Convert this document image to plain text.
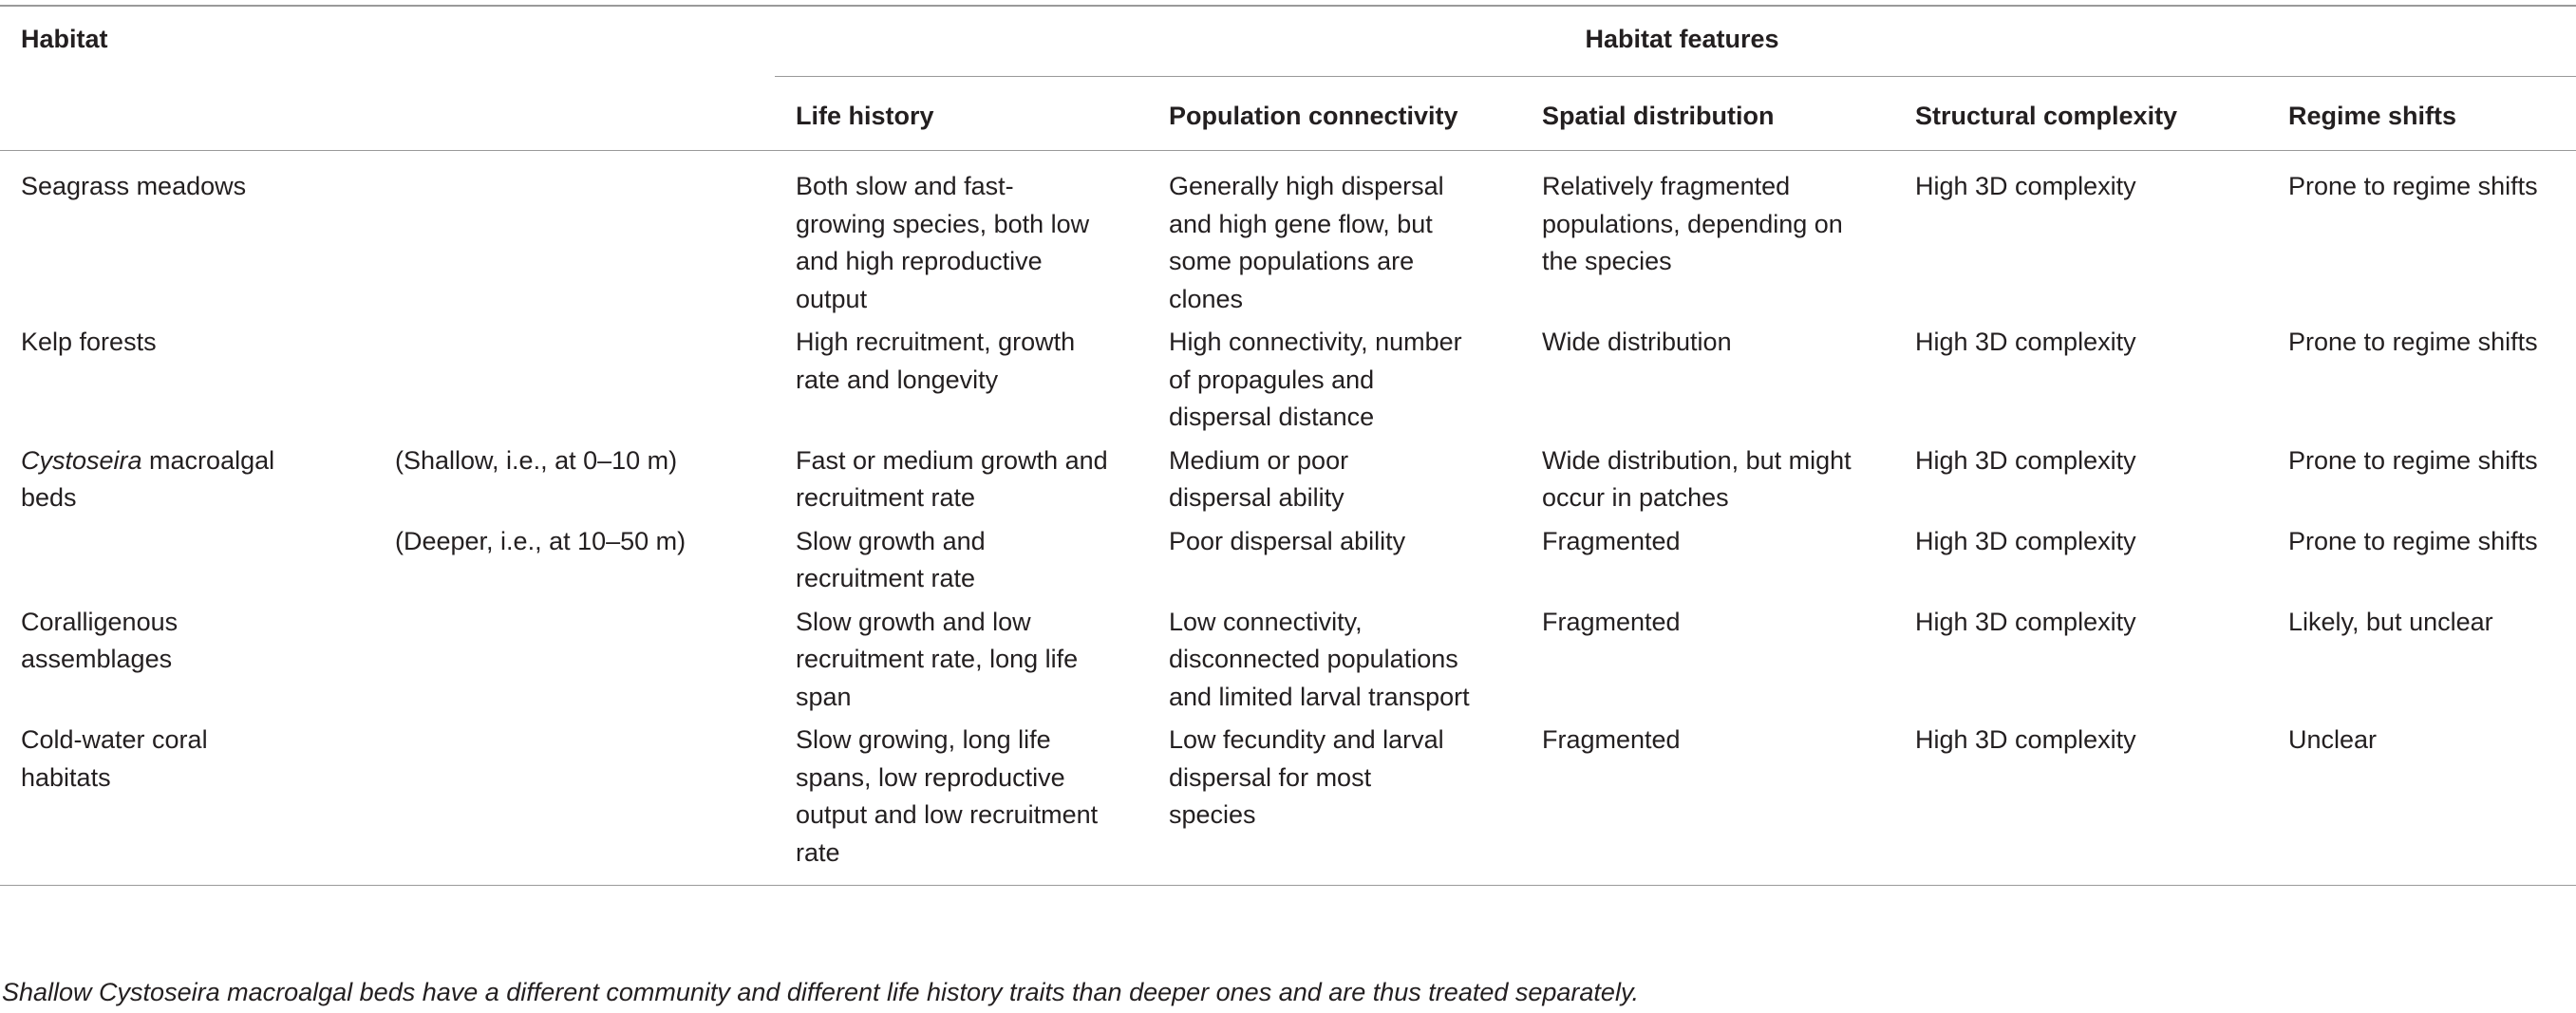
Habitat		Habitat features				
		Life history	Population connectivity	Spatial distribution	Structural complexity	Regime shifts
Seagrass meadows		Both slow and fast-growing species, both low and high reproductive output	Generally high dispersal and high gene flow, but some populations are clones	Relatively fragmented populations, depending on the species	High 3D complexity	Prone to regime shifts
Kelp forests		High recruitment, growth rate and longevity	High connectivity, number of propagules and dispersal distance	Wide distribution	High 3D complexity	Prone to regime shifts
Cystoseira macroalgal beds	(Shallow, i.e., at 0–10 m)	Fast or medium growth and recruitment rate	Medium or poor dispersal ability	Wide distribution, but might occur in patches	High 3D complexity	Prone to regime shifts
	(Deeper, i.e., at 10–50 m)	Slow growth and recruitment rate	Poor dispersal ability	Fragmented	High 3D complexity	Prone to regime shifts
Coralligenous assemblages		Slow growth and low recruitment rate, long life span	Low connectivity, disconnected populations and limited larval transport	Fragmented	High 3D complexity	Likely, but unclear
Cold-water coral habitats		Slow growing, long life spans, low reproductive output and low recruitment rate	Low fecundity and larval dispersal for most species	Fragmented	High 3D complexity	Unclear
Shallow Cystoseira macroalgal beds have a different community and different life history traits than deeper ones and are thus treated separately.
